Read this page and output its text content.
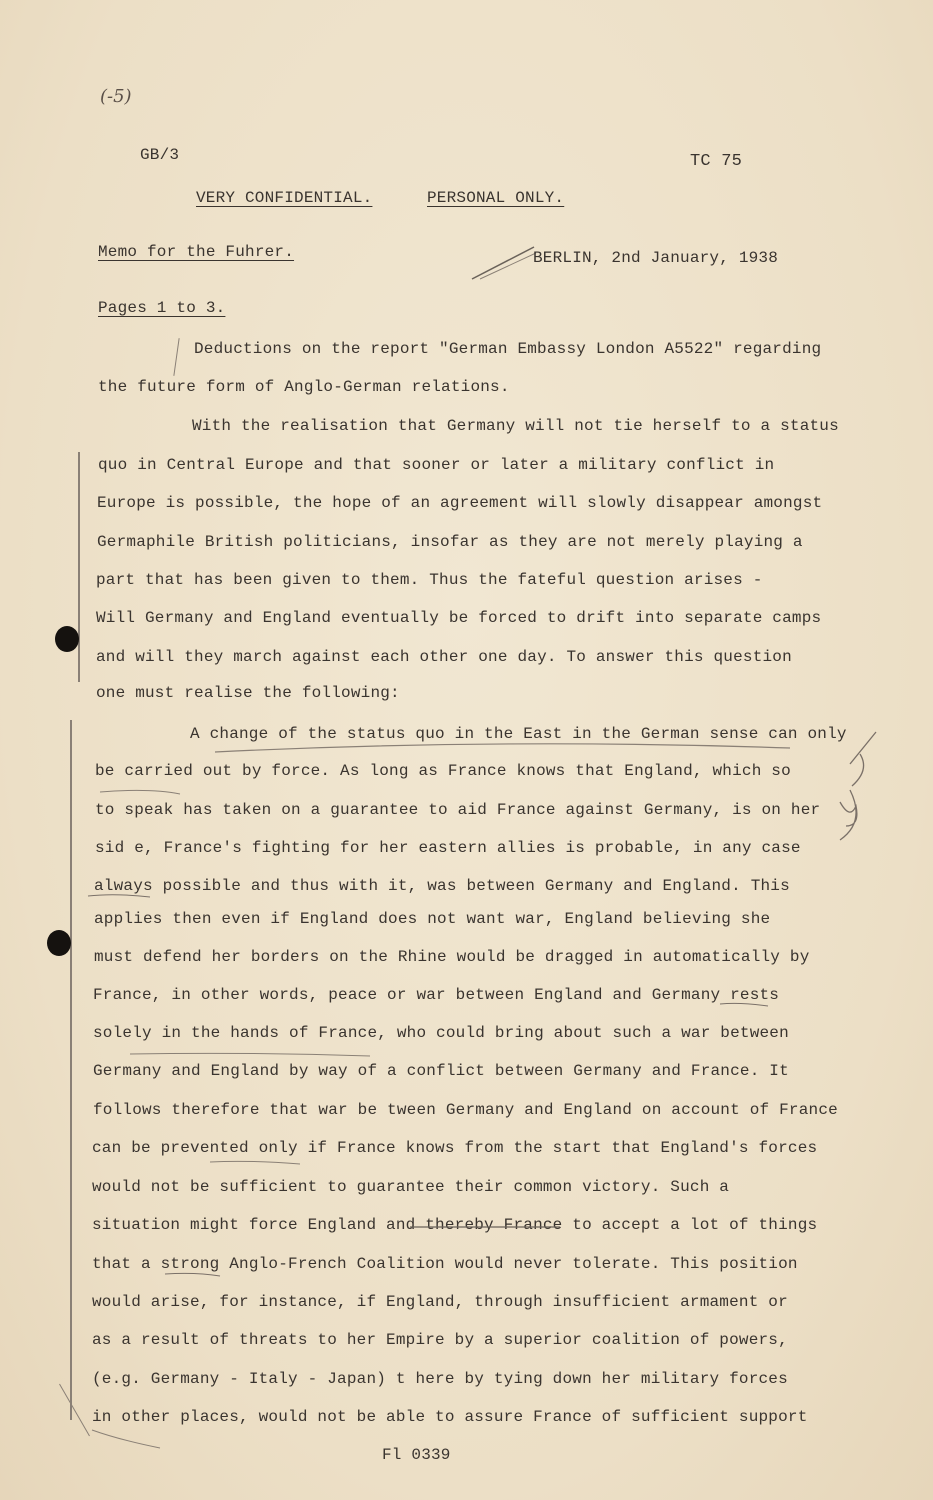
(-5)
GB/3	TC 75
VERY CONFIDENTIAL.	PERSONAL ONLY.
Memo for the Fuhrer.	BERLIN, 2nd January, 1938
Pages 1 to 3.
Deductions on the report "German Embassy London A5522" regarding
the future form of Anglo-German relations.
With the realisation that Germany will not tie herself to a status
quo in Central Europe and that sooner or later a military conflict in
Europe is possible, the hope of an agreement will slowly disappear amongst
Germaphile British politicians, insofar as they are not merely playing a
part that has been given to them. Thus the fateful question arises -
Will Germany and England eventually be forced to drift into separate camps
and will they march against each other one day. To answer this question
one must realise the following:
A change of the status quo in the East in the German sense can only
be carried out by force. As long as France knows that England, which so
to speak has taken on a guarantee to aid France against Germany, is on her
sid e, France's fighting for her eastern allies is probable, in any case
always possible and thus with it, was between Germany and England. This
applies then even if England does not want war, England believing she
must defend her borders on the Rhine would be dragged in automatically by
France, in other words, peace or war between England and Germany rests
solely in the hands of France, who could bring about such a war between
Germany and England by way of a conflict between Germany and France. It
follows therefore that war be tween Germany and England on account of France
can be prevented only if France knows from the start that England's forces
would not be sufficient to guarantee their common victory. Such a
situation might force England and thereby France to accept a lot of things
that a strong Anglo-French Coalition would never tolerate. This position
would arise, for instance, if England, through insufficient armament or
as a result of threats to her Empire by a superior coalition of powers,
(e.g. Germany - Italy - Japan) t here by tying down her military forces
in other places, would not be able to assure France of sufficient support
Fl 0339
